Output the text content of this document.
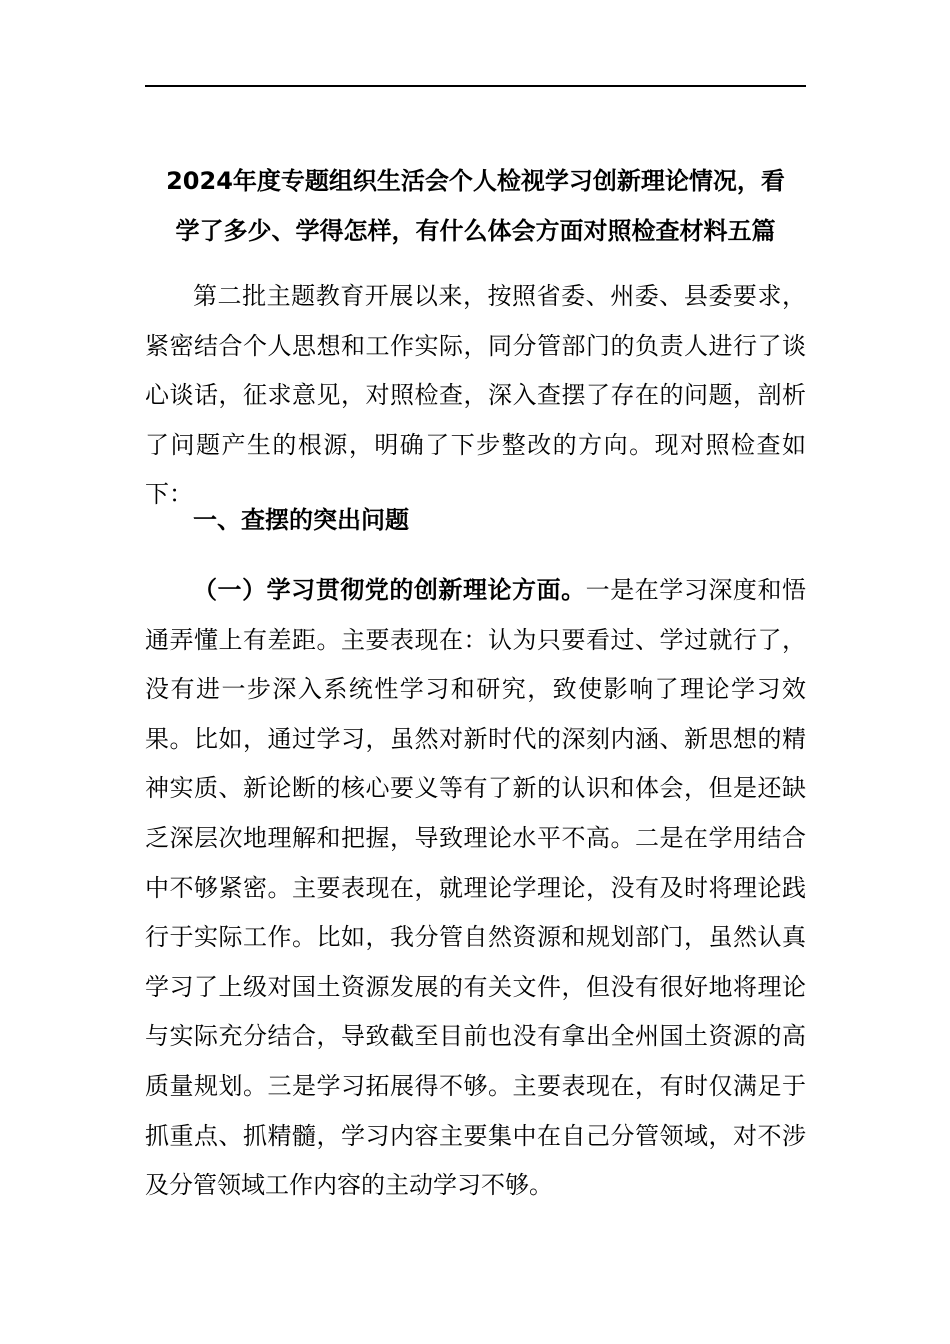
2024年度专题组织生活会个人检视学习创新理论情况，看
学了多少、学得怎样，有什么体会方面对照检查材料五篇

第二批主题教育开展以来，按照省委、州委、县委要求，紧密结合个人思想和工作实际，同分管部门的负责人进行了谈心谈话，征求意见，对照检查，深入查摆了存在的问题，剖析了问题产生的根源，明确了下步整改的方向。现对照检查如下：

一、查摆的突出问题

（一）学习贯彻党的创新理论方面。一是在学习深度和悟通弄懂上有差距。主要表现在：认为只要看过、学过就行了，没有进一步深入系统性学习和研究，致使影响了理论学习效果。比如，通过学习，虽然对新时代的深刻内涵、新思想的精神实质、新论断的核心要义等有了新的认识和体会，但是还缺乏深层次地理解和把握，导致理论水平不高。二是在学用结合中不够紧密。主要表现在，就理论学理论，没有及时将理论践行于实际工作。比如，我分管自然资源和规划部门，虽然认真学习了上级对国土资源发展的有关文件，但没有很好地将理论与实际充分结合，导致截至目前也没有拿出全州国土资源的高质量规划。三是学习拓展得不够。主要表现在，有时仅满足于抓重点、抓精髓，学习内容主要集中在自己分管领域，对不涉及分管领域工作内容的主动学习不够。
